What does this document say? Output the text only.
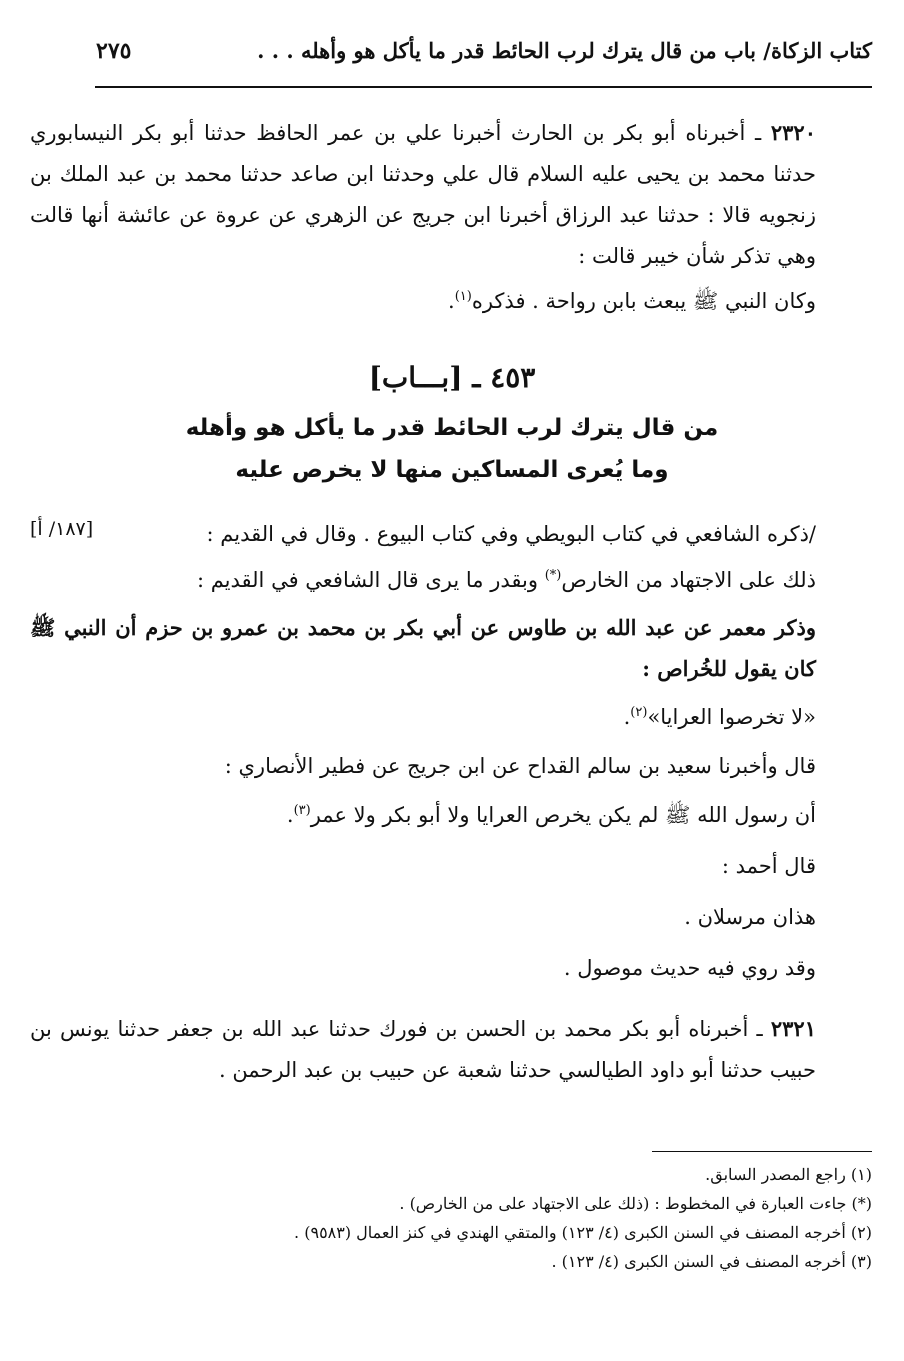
كتاب الزكاة/ باب من قال يترك لرب الحائط قدر ما يأكل هو وأهله . . .
٢٧٥

٢٣٢٠ ـ أخبرناه أبو بكر بن الحارث أخبرنا علي بن عمر الحافظ حدثنا أبو بكر النيسابوري حدثنا محمد بن يحيى عليه السلام قال علي وحدثنا ابن صاعد حدثنا محمد بن عبد الملك بن زنجويه قالا : حدثنا عبد الرزاق أخبرنا ابن جريج عن الزهري عن عروة عن عائشة أنها قالت وهي تذكر شأن خيبر قالت :

وكان النبي ﷺ يبعث بابن رواحة . فذكره$^{(١)}$.

٤٥٣ ـ [بـــاب]
من قال يترك لرب الحائط قدر ما يأكل هو وأهله
وما يُعرى المساكين منها لا يخرص عليه
[١٨٧/ أ]	/ذكره الشافعي في كتاب البويطي وفي كتاب البيوع . وقال في القديم :

ذلك على الاجتهاد من الخارص(*) وبقدر ما يرى قال الشافعي في القديم :

وذكر معمر عن عبد الله بن طاوس عن أبي بكر بن محمد بن عمرو بن حزم أن النبي ﷺ كان يقول للخُراص :

«لا تخرصوا العرايا»$^{(٢)}$.

قال وأخبرنا سعيد بن سالم القداح عن ابن جريج عن فطير الأنصاري :

أن رسول الله ﷺ لم يكن يخرص العرايا ولا أبو بكر ولا عمر$^{(٣)}$.

قال أحمد :

هذان مرسلان .

وقد روي فيه حديث موصول .

٢٣٢١ ـ أخبرناه أبو بكر محمد بن الحسن بن فورك حدثنا عبد الله بن جعفر حدثنا يونس بن حبيب حدثنا أبو داود الطيالسي حدثنا شعبة عن حبيب بن عبد الرحمن .

(١) راجع المصدر السابق.

(*) جاءت العبارة في المخطوط : (ذلك على الاجتهاد على من الخارص) .

(٢) أخرجه المصنف في السنن الكبرى (٤/ ١٢٣) والمتقي الهندي في كنز العمال (٩٥٨٣) .

(٣) أخرجه المصنف في السنن الكبرى (٤/ ١٢٣) .
